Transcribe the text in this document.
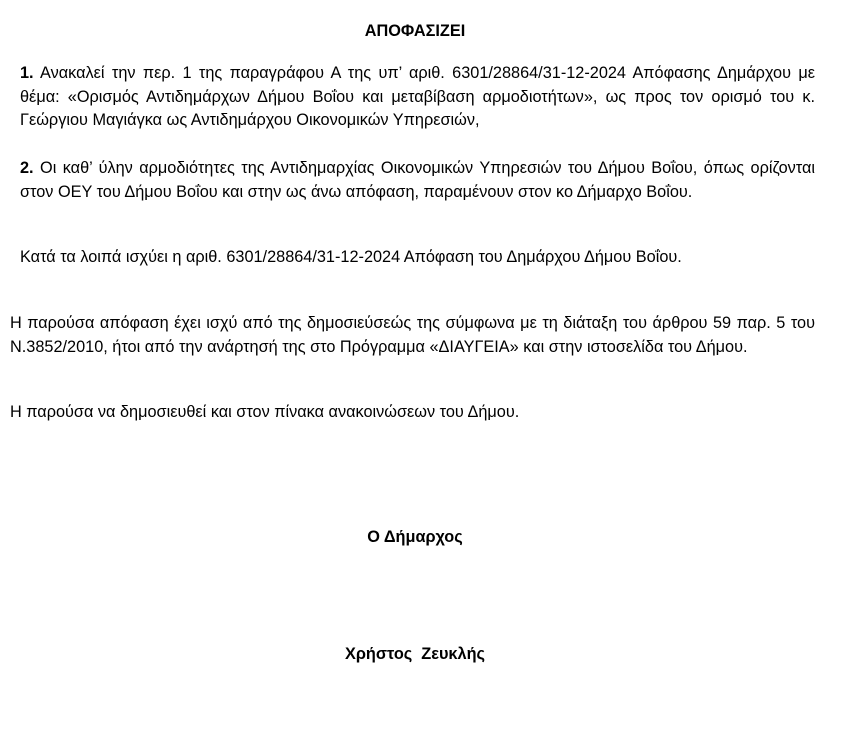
ΑΠΟΦΑΣΙΖΕΙ
1. Ανακαλεί την περ. 1 της παραγράφου Α της υπ’ αριθ. 6301/28864/31-12-2024 Απόφασης Δημάρχου με θέμα: «Ορισμός Αντιδημάρχων Δήμου Βοΐου και μεταβίβαση αρμοδιοτήτων», ως προς τον ορισμό του κ. Γεώργιου Μαγιάγκα ως Αντιδημάρχου Οικονομικών Υπηρεσιών,
2. Οι καθ’ ύλην αρμοδιότητες της Αντιδημαρχίας Οικονομικών Υπηρεσιών του Δήμου Βοΐου, όπως ορίζονται στον ΟΕΥ του Δήμου Βοΐου και στην ως άνω απόφαση, παραμένουν στον κο Δήμαρχο Βοΐου.
Κατά τα λοιπά ισχύει η αριθ. 6301/28864/31-12-2024 Απόφαση του Δημάρχου Δήμου Βοΐου.
Η παρούσα απόφαση έχει ισχύ από της δημοσιεύσεώς της σύμφωνα με τη διάταξη του άρθρου 59 παρ. 5 του Ν.3852/2010, ήτοι από την ανάρτησή της στο Πρόγραμμα «ΔΙΑΥΓΕΙΑ» και στην ιστοσελίδα του Δήμου.
Η παρούσα να δημοσιευθεί και στον πίνακα ανακοινώσεων του Δήμου.
Ο Δήμαρχος
Χρήστος  Ζευκλής
